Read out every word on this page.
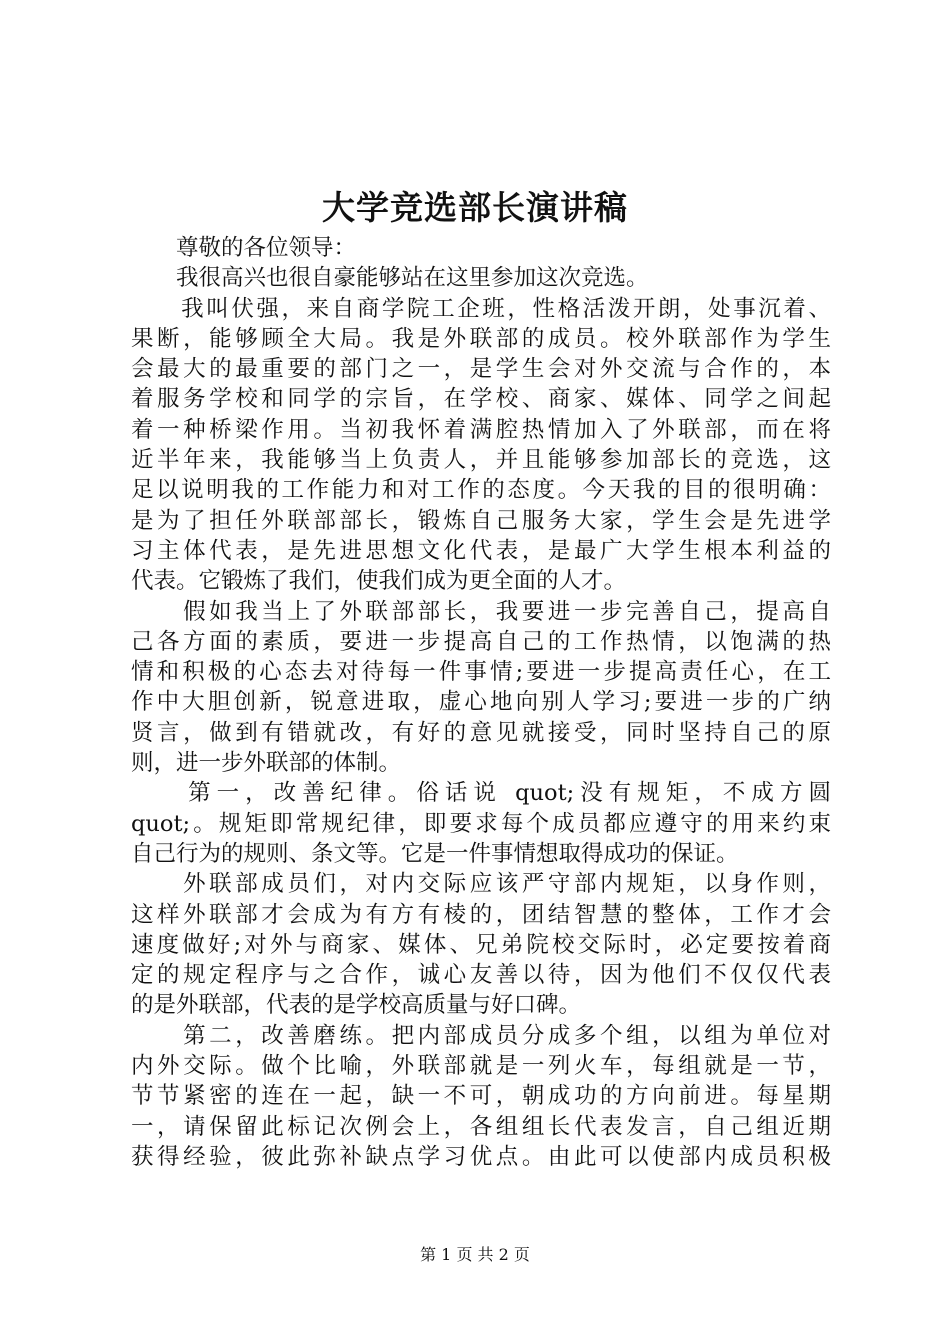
大学竞选部长演讲稿
　　尊敬的各位领导：
　　我很高兴也很自豪能够站在这里参加这次竞选。
　　我叫伏强，来自商学院工企班，性格活泼开朗，处事沉着、
果断，能够顾全大局。我是外联部的成员。校外联部作为学生
会最大的最重要的部门之一，是学生会对外交流与合作的，本
着服务学校和同学的宗旨，在学校、商家、媒体、同学之间起
着一种桥梁作用。当初我怀着满腔热情加入了外联部，而在将
近半年来，我能够当上负责人，并且能够参加部长的竞选，这
足以说明我的工作能力和对工作的态度。今天我的目的很明确：
是为了担任外联部部长，锻炼自己服务大家，学生会是先进学
习主体代表，是先进思想文化代表，是最广大学生根本利益的
代表。它锻炼了我们，使我们成为更全面的人才。
　　假如我当上了外联部部长，我要进一步完善自己，提高自
己各方面的素质，要进一步提高自己的工作热情，以饱满的热
情和积极的心态去对待每一件事情;要进一步提高责任心，在工
作中大胆创新，锐意进取，虚心地向别人学习;要进一步的广纳
贤言，做到有错就改，有好的意见就接受，同时坚持自己的原
则，进一步外联部的体制。
　　第一，改善纪律。俗话说 quot;没有规矩，不成方圆
quot;。规矩即常规纪律，即要求每个成员都应遵守的用来约束
自己行为的规则、条文等。它是一件事情想取得成功的保证。
　　外联部成员们，对内交际应该严守部内规矩，以身作则，
这样外联部才会成为有方有棱的，团结智慧的整体，工作才会
速度做好;对外与商家、媒体、兄弟院校交际时，必定要按着商
定的规定程序与之合作，诚心友善以待，因为他们不仅仅代表
的是外联部，代表的是学校高质量与好口碑。
　　第二，改善磨练。把内部成员分成多个组，以组为单位对
内外交际。做个比喻，外联部就是一列火车，每组就是一节，
节节紧密的连在一起，缺一不可，朝成功的方向前进。每星期
一，请保留此标记次例会上，各组组长代表发言，自己组近期
获得经验，彼此弥补缺点学习优点。由此可以使部内成员积极
第 1 页 共 2 页
